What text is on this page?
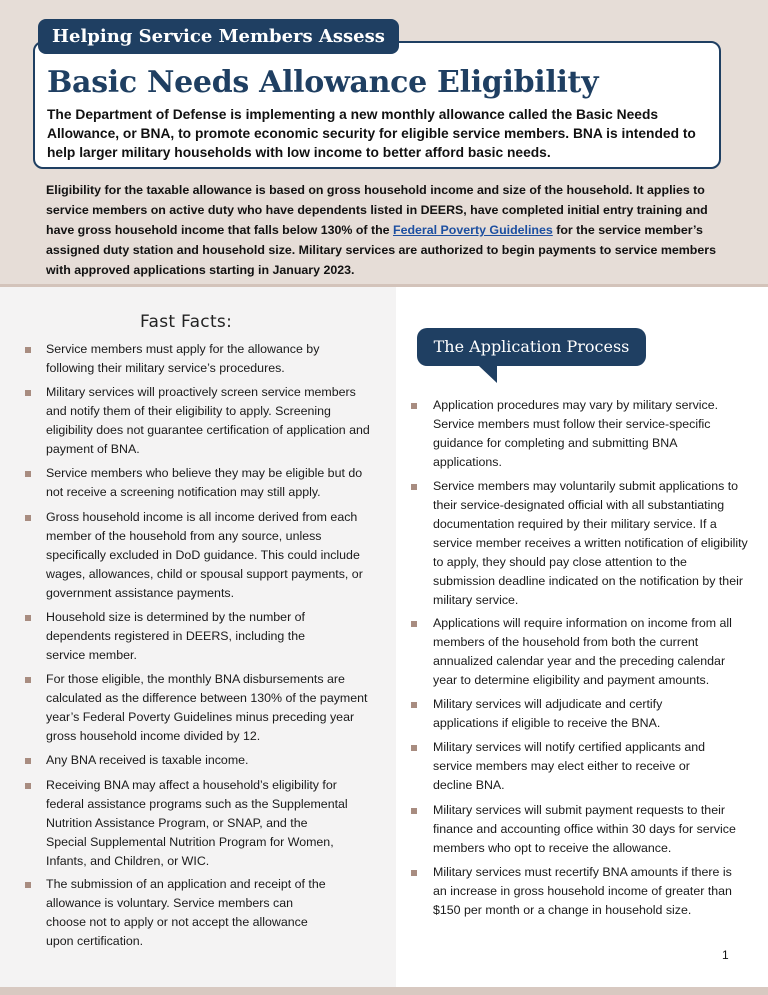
Basic Needs Allowance Eligibility
The Department of Defense is implementing a new monthly allowance called the Basic Needs Allowance, or BNA, to promote economic security for eligible service members. BNA is intended to help larger military households with low income to better afford basic needs.
Helping Service Members Assess
Eligibility for the taxable allowance is based on gross household income and size of the household. It applies to service members on active duty who have dependents listed in DEERS, have completed initial entry training and have gross household income that falls below 130% of the Federal Poverty Guidelines for the service member’s assigned duty station and household size. Military services are authorized to begin payments to service members with approved applications starting in January 2023.
Fast Facts:
Service members must apply for the allowance by following their military service’s procedures.
Military services will proactively screen service members and notify them of their eligibility to apply. Screening eligibility does not guarantee certification of application and payment of BNA.
Service members who believe they may be eligible but do not receive a screening notification may still apply.
Gross household income is all income derived from each member of the household from any source, unless specifically excluded in DoD guidance. This could include wages, allowances, child or spousal support payments, or government assistance payments.
Household size is determined by the number of dependents registered in DEERS, including the service member.
For those eligible, the monthly BNA disbursements are calculated as the difference between 130% of the payment year’s Federal Poverty Guidelines minus preceding year gross household income divided by 12.
Any BNA received is taxable income.
Receiving BNA may affect a household’s eligibility for federal assistance programs such as the Supplemental Nutrition Assistance Program, or SNAP, and the Special Supplemental Nutrition Program for Women, Infants, and Children, or WIC.
The submission of an application and receipt of the allowance is voluntary. Service members can choose not to apply or not accept the allowance upon certification.
The Application Process
Application procedures may vary by military service. Service members must follow their service-specific guidance for completing and submitting BNA applications.
Service members may voluntarily submit applications to their service-designated official with all substantiating documentation required by their military service. If a service member receives a written notification of eligibility to apply, they should pay close attention to the submission deadline indicated on the notification by their military service.
Applications will require information on income from all members of the household from both the current annualized calendar year and the preceding calendar year to determine eligibility and payment amounts.
Military services will adjudicate and certify applications if eligible to receive the BNA.
Military services will notify certified applicants and service members may elect either to receive or decline BNA.
Military services will submit payment requests to their finance and accounting office within 30 days for service members who opt to receive the allowance.
Military services must recertify BNA amounts if there is an increase in gross household income of greater than $150 per month or a change in household size.
1
